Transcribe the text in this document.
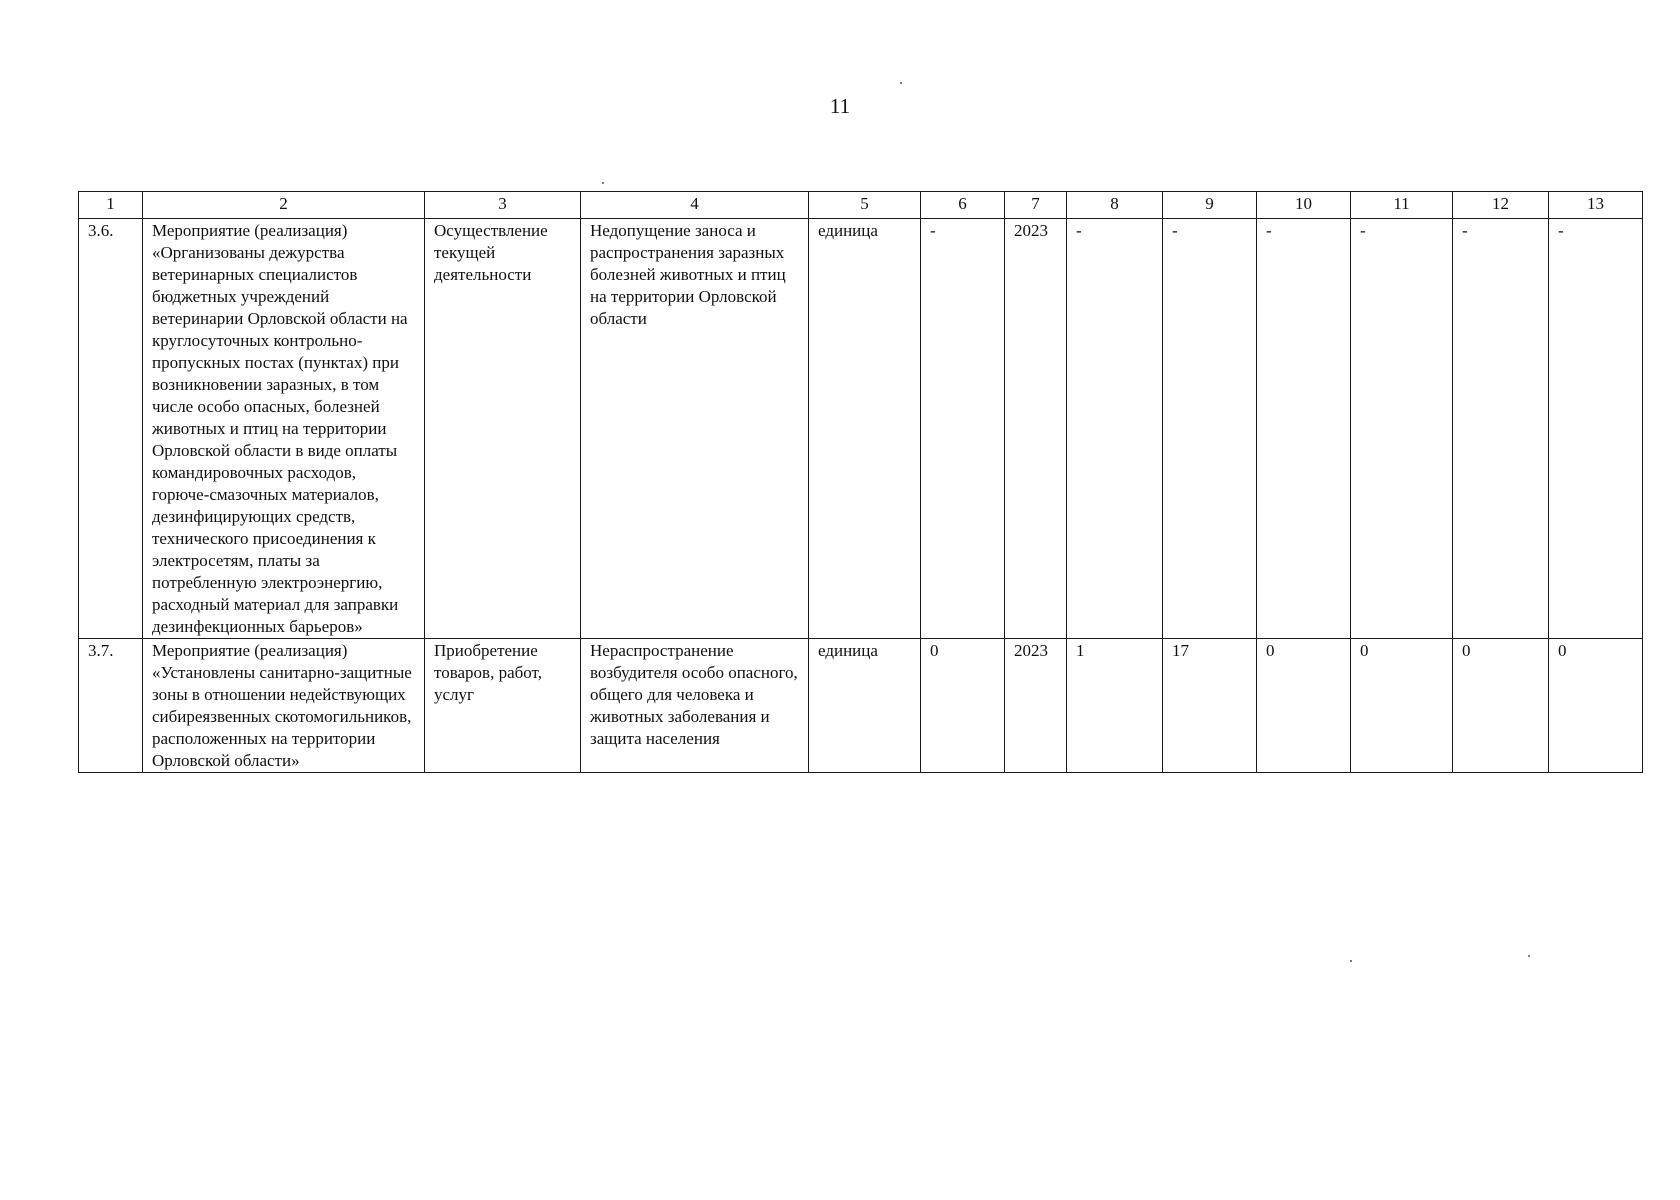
11
1	2	3	4	5	6	7	8	9	10	11	12	13
3.6.	Мероприятие (реализация) «Организованы дежурства ветеринарных специалистов бюджетных учреждений ветеринарии Орловской области на круглосуточных контрольно-пропускных постах (пунктах) при возникновении заразных, в том числе особо опасных, болезней животных и птиц на территории Орловской области в виде оплаты командировочных расходов, горюче-смазочных материалов, дезинфицирующих средств, технического присоединения к электросетям, платы за потребленную электроэнергию, расходный материал для заправки дезинфекционных барьеров»	Осуществление текущей деятельности	Недопущение заноса и распространения заразных болезней животных и птиц на территории Орловской области	единица	-	2023	-	-	-	-	-	-
3.7.	Мероприятие (реализация) «Установлены санитарно-защитные зоны в отношении недействующих сибиреязвенных скотомогильников, расположенных на территории Орловской области»	Приобретение товаров, работ, услуг	Нераспространение возбудителя особо опасного, общего для человека и животных заболевания и защита населения	единица	0	2023	1	17	0	0	0	0
